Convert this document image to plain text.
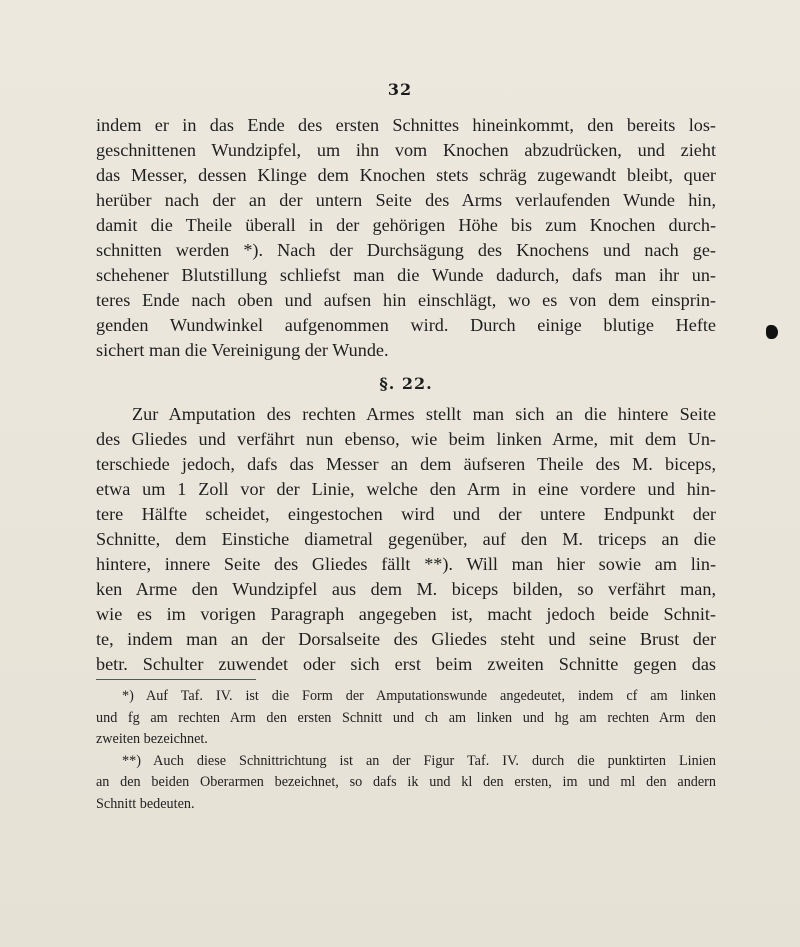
32
indem er in das Ende des ersten Schnittes hineinkommt, den bereits los-
geschnittenen Wundzipfel, um ihn vom Knochen abzudrücken, und zieht
das Messer, dessen Klinge dem Knochen stets schräg zugewandt bleibt, quer
herüber nach der an der untern Seite des Arms verlaufenden Wunde hin,
damit die Theile überall in der gehörigen Höhe bis zum Knochen durch-
schnitten werden *). Nach der Durchsägung des Knochens und nach ge-
schehener Blutstillung schliefst man die Wunde dadurch, dafs man ihr un-
teres Ende nach oben und aufsen hin einschlägt, wo es von dem einsprin-
genden Wundwinkel aufgenommen wird. Durch einige blutige Hefte
sichert man die Vereinigung der Wunde.
§. 22.
Zur Amputation des rechten Armes stellt man sich an die hintere Seite
des Gliedes und verfährt nun ebenso, wie beim linken Arme, mit dem Un-
terschiede jedoch, dafs das Messer an dem äufseren Theile des M. biceps,
etwa um 1 Zoll vor der Linie, welche den Arm in eine vordere und hin-
tere Hälfte scheidet, eingestochen wird und der untere Endpunkt der
Schnitte, dem Einstiche diametral gegenüber, auf den M. triceps an die
hintere, innere Seite des Gliedes fällt **). Will man hier sowie am lin-
ken Arme den Wundzipfel aus dem M. biceps bilden, so verfährt man,
wie es im vorigen Paragraph angegeben ist, macht jedoch beide Schnit-
te, indem man an der Dorsalseite des Gliedes steht und seine Brust der
betr. Schulter zuwendet oder sich erst beim zweiten Schnitte gegen das
*) Auf Taf. IV. ist die Form der Amputationswunde angedeutet, indem cf am linken
und fg am rechten Arm den ersten Schnitt und ch am linken und hg am rechten Arm den
zweiten bezeichnet.
**) Auch diese Schnittrichtung ist an der Figur Taf. IV. durch die punktirten Linien
an den beiden Oberarmen bezeichnet, so dafs ik und kl den ersten, im und ml den andern
Schnitt bedeuten.
